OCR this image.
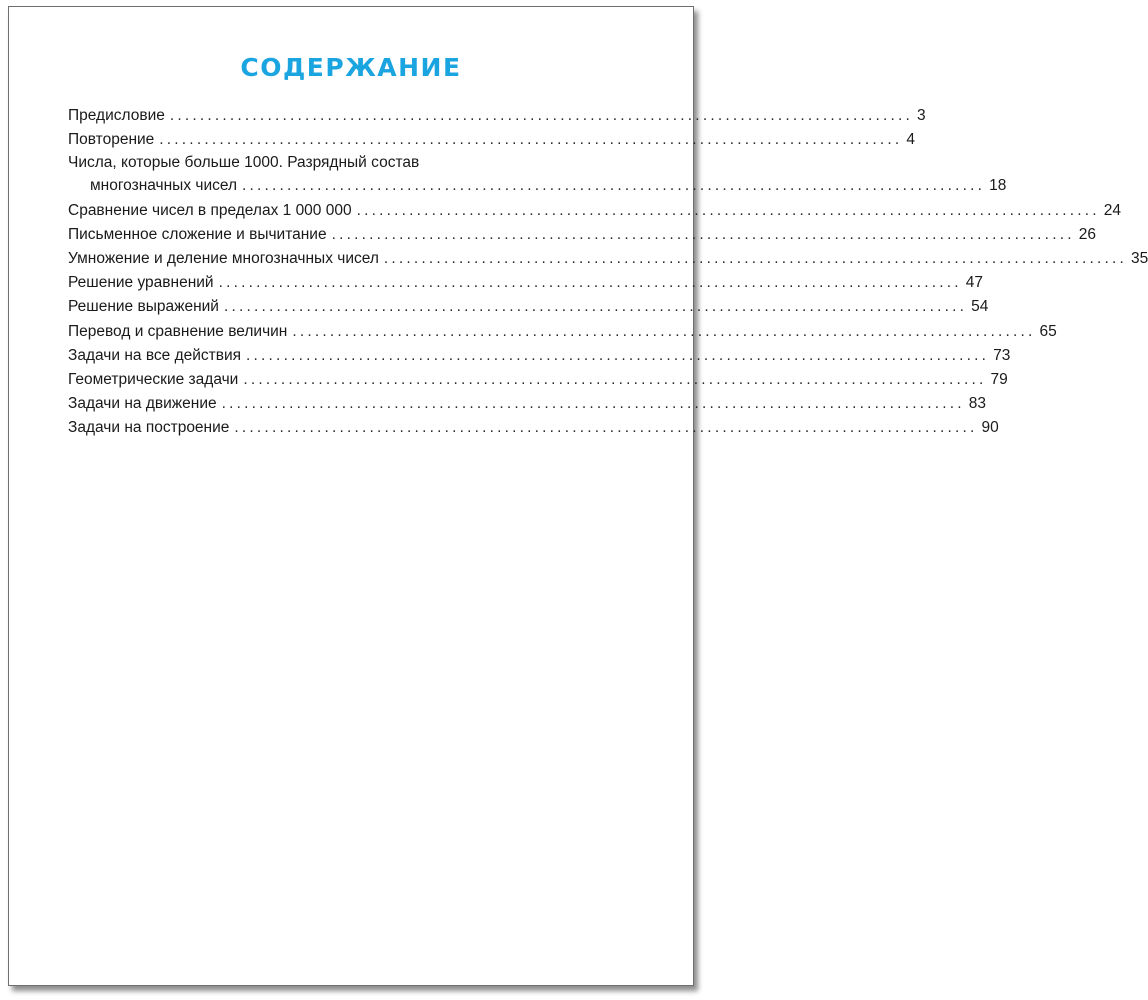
СОДЕРЖАНИЕ
Предисловие ................................................................................................... 3
Повторение ................................................................................................... 4
Числа, которые больше 1000. Разрядный состав
многозначных чисел ................................................................................................... 18
Сравнение чисел в пределах 1 000 000 ................................................................................................... 24
Письменное сложение и вычитание ................................................................................................... 26
Умножение и деление многозначных чисел ................................................................................................... 35
Решение уравнений ................................................................................................... 47
Решение выражений ................................................................................................... 54
Перевод и сравнение величин ................................................................................................... 65
Задачи на все действия ................................................................................................... 73
Геометрические задачи ................................................................................................... 79
Задачи на движение ................................................................................................... 83
Задачи на построение ................................................................................................... 90
